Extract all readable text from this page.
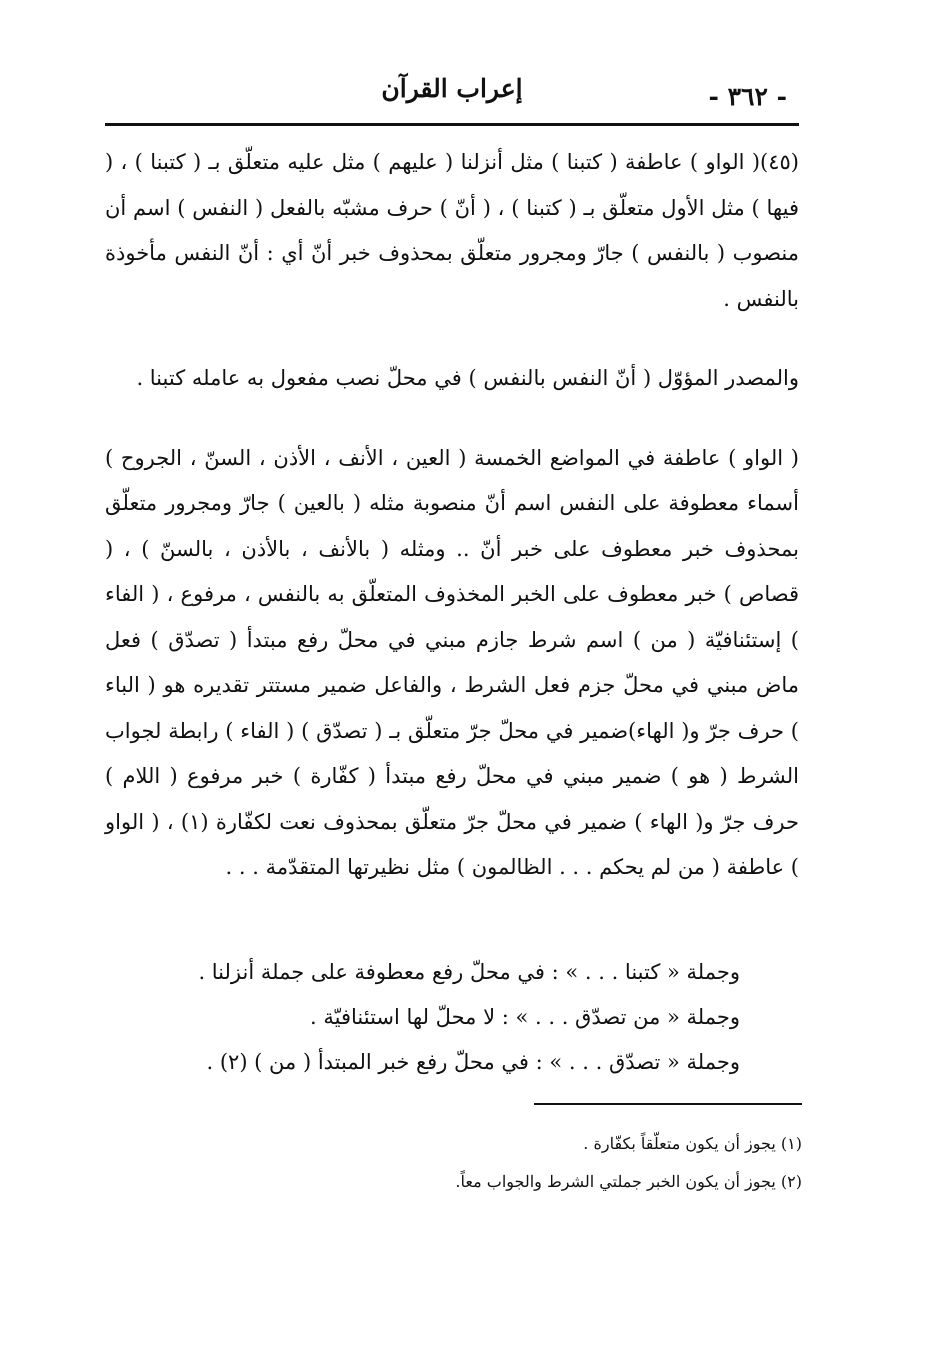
- ٣٦٢ -
إعراب القرآن

(٤٥)( الواو ) عاطفة ( كتبنا ) مثل أنزلنا ( عليهم ) مثل عليه متعلّق بـ ( كتبنا ) ، ( فيها ) مثل الأول متعلّق بـ ( كتبنا ) ، ( أنّ ) حرف مشبّه بالفعل ( النفس ) اسم أن منصوب ( بالنفس ) جارّ ومجرور متعلّق بمحذوف خبر أنّ أي : أنّ النفس مأخوذة بالنفس .

والمصدر المؤوّل ( أنّ النفس بالنفس ) في محلّ نصب مفعول به عامله كتبنا .

( الواو ) عاطفة في المواضع الخمسة ( العين ، الأنف ، الأذن ، السنّ ، الجروح ) أسماء معطوفة على النفس اسم أنّ منصوبة مثله ( بالعين ) جارّ ومجرور متعلّق بمحذوف خبر معطوف على خبر أنّ .. ومثله ( بالأنف ، بالأذن ، بالسنّ ) ، ( قصاص ) خبر معطوف على الخبر المخذوف المتعلّق به بالنفس ، مرفوع ، ( الفاء ) إستئنافيّة ( من ) اسم شرط جازم مبني في محلّ رفع مبتدأ ( تصدّق ) فعل ماض مبني في محلّ جزم فعل الشرط ، والفاعل ضمير مستتر تقديره هو ( الباء ) حرف جرّ و( الهاء)ضمير في محلّ جرّ متعلّق بـ ( تصدّق ) ( الفاء ) رابطة لجواب الشرط ( هو ) ضمير مبني في محلّ رفع مبتدأ ( كفّارة ) خبر مرفوع ( اللام ) حرف جرّ و( الهاء ) ضمير في محلّ جرّ متعلّق بمحذوف نعت لكفّارة (١) ، ( الواو ) عاطفة ( من لم يحكم . . . الظالمون ) مثل نظيرتها المتقدّمة . . .

وجملة « كتبنا . . . » : في محلّ رفع معطوفة على جملة أنزلنا .

وجملة « من تصدّق . . . » : لا محلّ لها استئنافيّة .

وجملة « تصدّق . . . » : في محلّ رفع خبر المبتدأ ( من ) (٢) .

(١) يجوز أن يكون متعلّقاً بكفّارة .

(٢) يجوز أن يكون الخبر جملتي الشرط والجواب معاً.
